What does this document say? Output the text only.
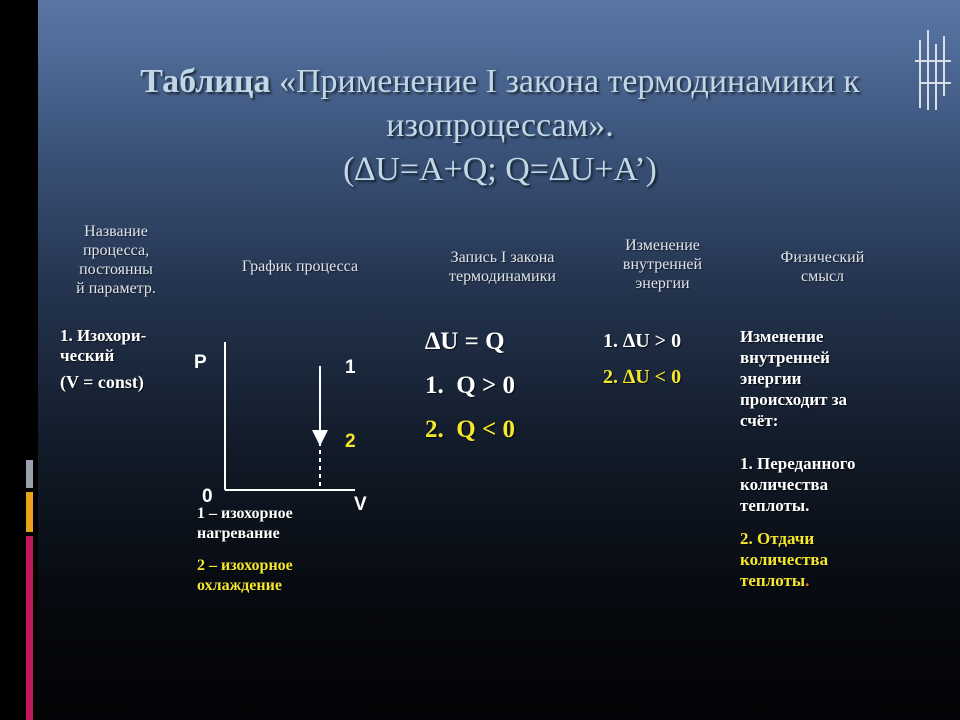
Таблица «Применение I закона термодинамики к
изопроцессам».
(∆U=A+Q; Q=∆U+A’)
Название
процесса,
постоянны
й параметр.
График процесса
Запись I закона
термодинамики
Изменение
внутренней
энергии
Физический
смысл
1. Изохори-
ческий
(V = const)
P
V
0
1
2
1 – изохорное
нагревание
2 – изохорное
охлаждение
∆U = Q
1.  Q > 0
2.  Q < 0
1. ∆U > 0
2. ∆U < 0
Изменение
внутренней
энергии
происходит за
счёт:
1. Переданного
количества
теплоты.
2. Отдачи
количества
теплоты.
